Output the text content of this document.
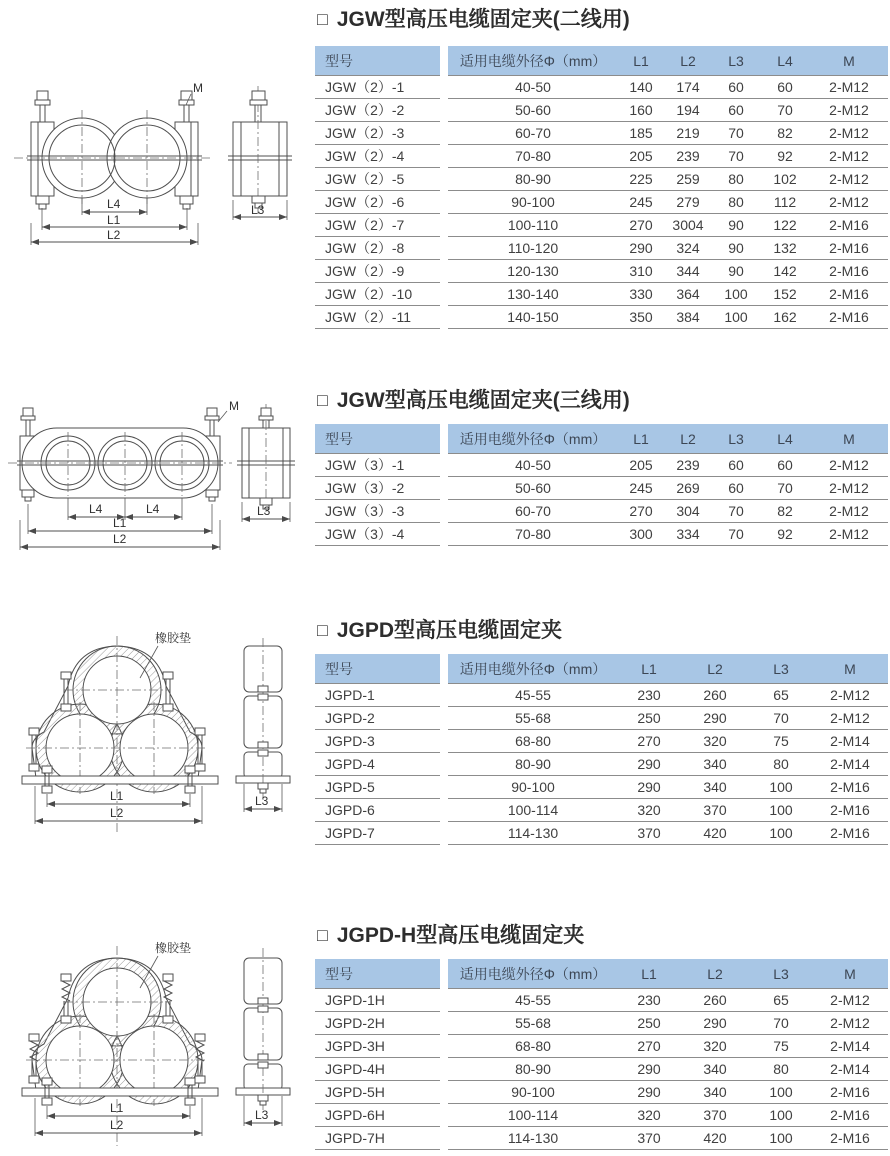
□ JGW型高压电缆固定夹(二线用)
M
L4
L1
L2
L3
型号	适用电缆外径Φ（mm）	L1	L2	L3	L4	M
JGW（2）-1	40-50	140	174	60	60	2-M12
JGW（2）-2	50-60	160	194	60	70	2-M12
JGW（2）-3	60-70	185	219	70	82	2-M12
JGW（2）-4	70-80	205	239	70	92	2-M12
JGW（2）-5	80-90	225	259	80	102	2-M12
JGW（2）-6	90-100	245	279	80	112	2-M12
JGW（2）-7	100-110	270	3004	90	122	2-M16
JGW（2）-8	110-120	290	324	90	132	2-M16
JGW（2）-9	120-130	310	344	90	142	2-M16
JGW（2）-10	130-140	330	364	100	152	2-M16
JGW（2）-11	140-150	350	384	100	162	2-M16
□ JGW型高压电缆固定夹(三线用)
M
L4	L4
L1
L2
L3
型号	适用电缆外径Φ（mm）	L1	L2	L3	L4	M
JGW（3）-1	40-50	205	239	60	60	2-M12
JGW（3）-2	50-60	245	269	60	70	2-M12
JGW（3）-3	60-70	270	304	70	82	2-M12
JGW（3）-4	70-80	300	334	70	92	2-M12
□ JGPD型高压电缆固定夹
橡胶垫
L1
L2
L3
型号	适用电缆外径Φ（mm）	L1	L2	L3	M
JGPD-1	45-55	230	260	65	2-M12
JGPD-2	55-68	250	290	70	2-M12
JGPD-3	68-80	270	320	75	2-M14
JGPD-4	80-90	290	340	80	2-M14
JGPD-5	90-100	290	340	100	2-M16
JGPD-6	100-114	320	370	100	2-M16
JGPD-7	114-130	370	420	100	2-M16
□ JGPD-H型高压电缆固定夹
橡胶垫
L1
L2
L3
型号	适用电缆外径Φ（mm）	L1	L2	L3	M
JGPD-1H	45-55	230	260	65	2-M12
JGPD-2H	55-68	250	290	70	2-M12
JGPD-3H	68-80	270	320	75	2-M14
JGPD-4H	80-90	290	340	80	2-M14
JGPD-5H	90-100	290	340	100	2-M16
JGPD-6H	100-114	320	370	100	2-M16
JGPD-7H	114-130	370	420	100	2-M16
